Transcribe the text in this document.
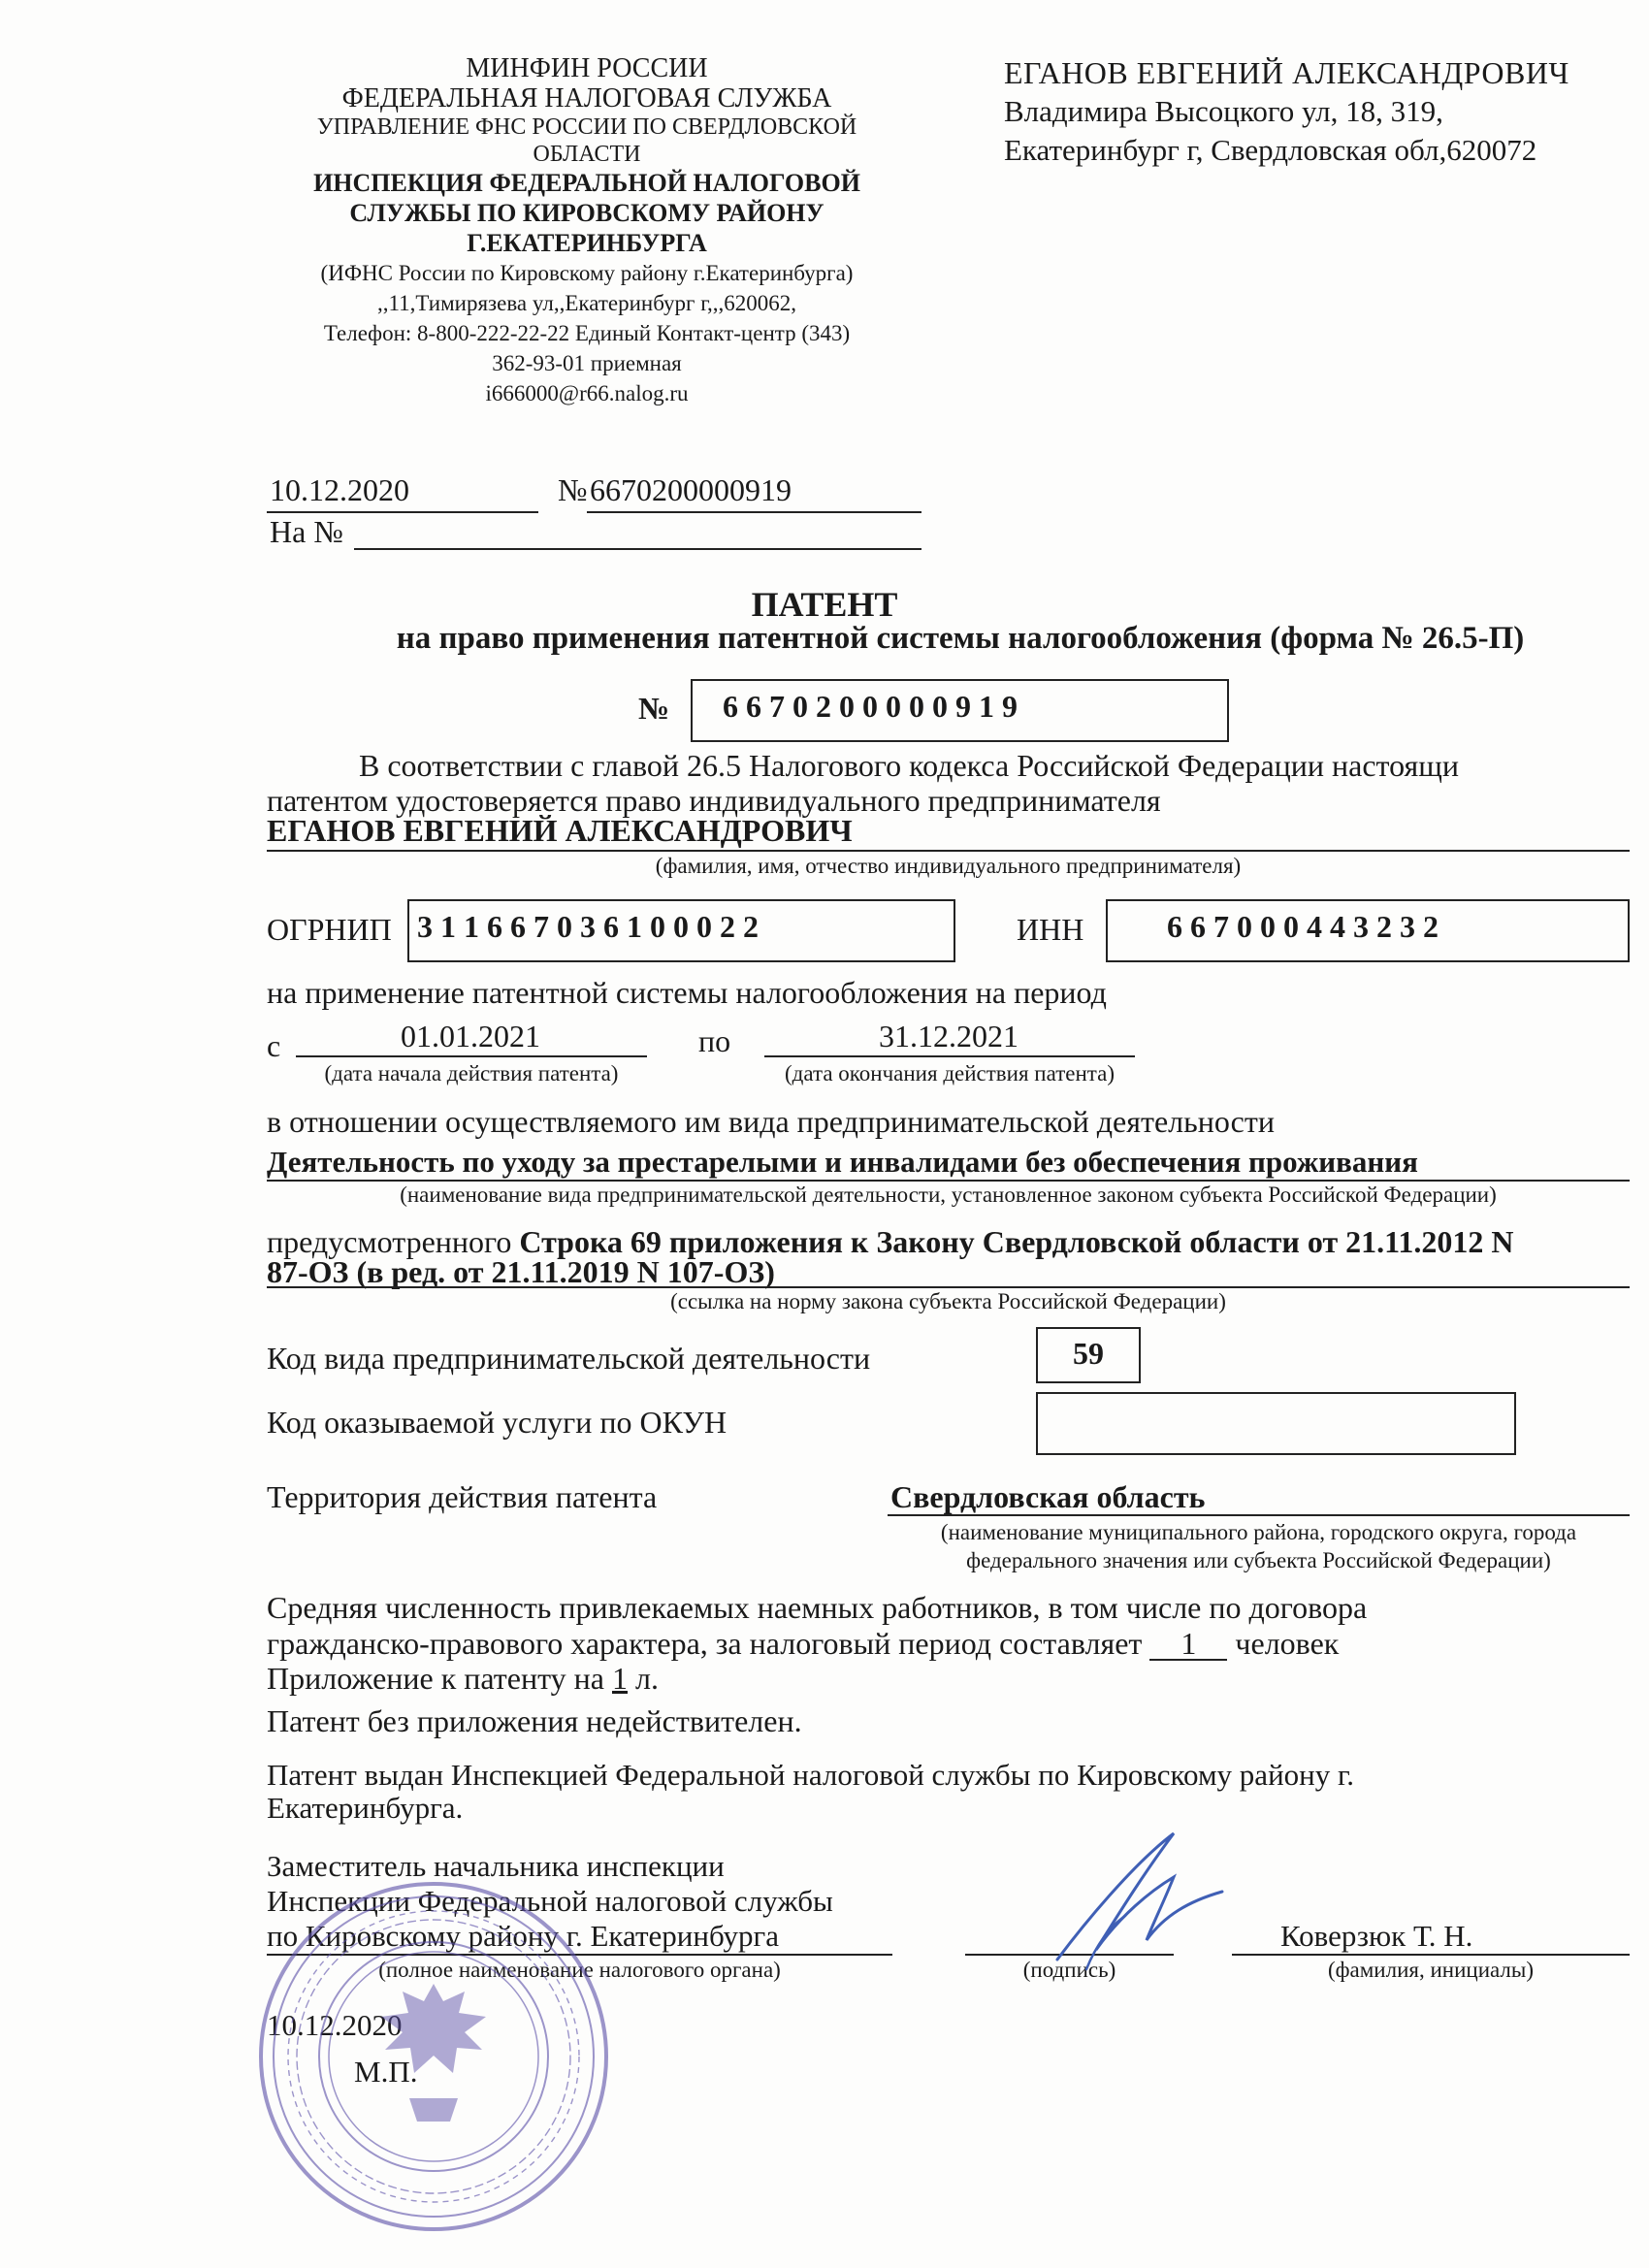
МИНФИН РОССИИ
ФЕДЕРАЛЬНАЯ НАЛОГОВАЯ СЛУЖБА
УПРАВЛЕНИЕ ФНС РОССИИ ПО СВЕРДЛОВСКОЙ
ОБЛАСТИ
ИНСПЕКЦИЯ ФЕДЕРАЛЬНОЙ НАЛОГОВОЙ
СЛУЖБЫ ПО КИРОВСКОМУ РАЙОНУ
Г.ЕКАТЕРИНБУРГА
(ИФНС России по Кировскому району г.Екатеринбурга)
,,11,Тимирязева ул,,Екатеринбург г,,,620062,
Телефон: 8-800-222-22-22 Единый Контакт-центр (343)
362-93-01 приемная
i666000@r66.nalog.ru
ЕГАНОВ ЕВГЕНИЙ АЛЕКСАНДРОВИЧ
Владимира Высоцкого ул, 18, 319,
Екатеринбург г, Свердловская обл,620072
10.12.2020	№ 6670200000919
На №
ПАТЕНТ
на право применения патентной системы налогообложения (форма № 26.5-П)
№ 6 6 7 0 2 0 0 0 0 0 9 1 9
В соответствии с главой 26.5 Налогового кодекса Российской Федерации настоящи
патентом удостоверяется право индивидуального предпринимателя
ЕГАНОВ ЕВГЕНИЙ АЛЕКСАНДРОВИЧ
(фамилия, имя, отчество индивидуального предпринимателя)
ОГРНИП 3 1 1 6 6 7 0 3 6 1 0 0 0 2 2	ИНН	6 6 7 0 0 0 4 4 3 2 3 2
на применение патентной системы налогообложения на период
с	01.01.2021
(дата начала действия патента)
по	31.12.2021
(дата окончания действия патента)
в отношении осуществляемого им вида предпринимательской деятельности
Деятельность по уходу за престарелыми и инвалидами без обеспечения проживания
(наименование вида предпринимательской деятельности, установленное законом субъекта Российской Федерации)
предусмотренного Строка 69 приложения к Закону Свердловской области от 21.11.2012 N
87-ОЗ (в ред. от 21.11.2019 N 107-ОЗ)
(ссылка на норму закона субъекта Российской Федерации)
Код вида предпринимательской деятельности	59
Код оказываемой услуги по ОКУН
Территория действия патента	Свердловская область
(наименование муниципального района, городского округа, города
федерального значения или субъекта Российской Федерации)
Средняя численность привлекаемых наемных работников, в том числе по договора
гражданско-правового характера, за налоговый период составляет 1 человек
Приложение к патенту на 1 л.
Патент без приложения недействителен.
Патент выдан Инспекцией Федеральной налоговой службы по Кировскому району г.
Екатеринбурга.
Заместитель начальника инспекции
Инспекции Федеральной налоговой службы
по Кировскому району г. Екатеринбурга
(полное наименование налогового органа)	(подпись)
Коверзюк Т. Н.
(фамилия, инициалы)
10.12.2020
М.П.
